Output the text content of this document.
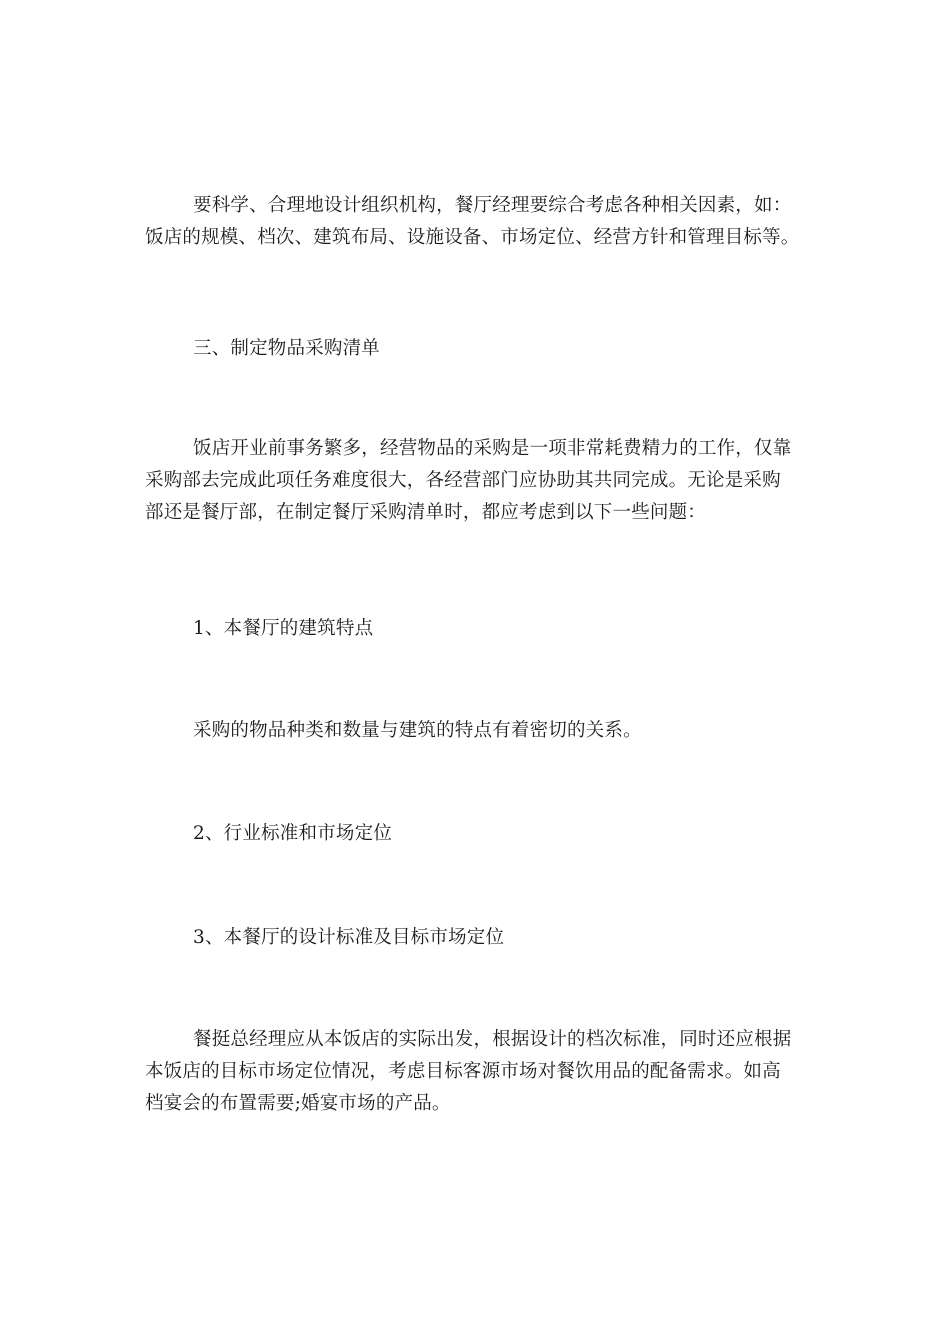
要科学、合理地设计组织机构，餐厅经理要综合考虑各种相关因素，如：
饭店的规模、档次、建筑布局、设施设备、市场定位、经营方针和管理目标等。

三、制定物品采购清单

饭店开业前事务繁多，经营物品的采购是一项非常耗费精力的工作，仅靠
采购部去完成此项任务难度很大，各经营部门应协助其共同完成。无论是采购
部还是餐厅部，在制定餐厅采购清单时，都应考虑到以下一些问题：

1、本餐厅的建筑特点

采购的物品种类和数量与建筑的特点有着密切的关系。

2、行业标准和市场定位

3、本餐厅的设计标准及目标市场定位

餐挺总经理应从本饭店的实际出发，根据设计的档次标准，同时还应根据
本饭店的目标市场定位情况，考虑目标客源市场对餐饮用品的配备需求。如高
档宴会的布置需要;婚宴市场的产品。
